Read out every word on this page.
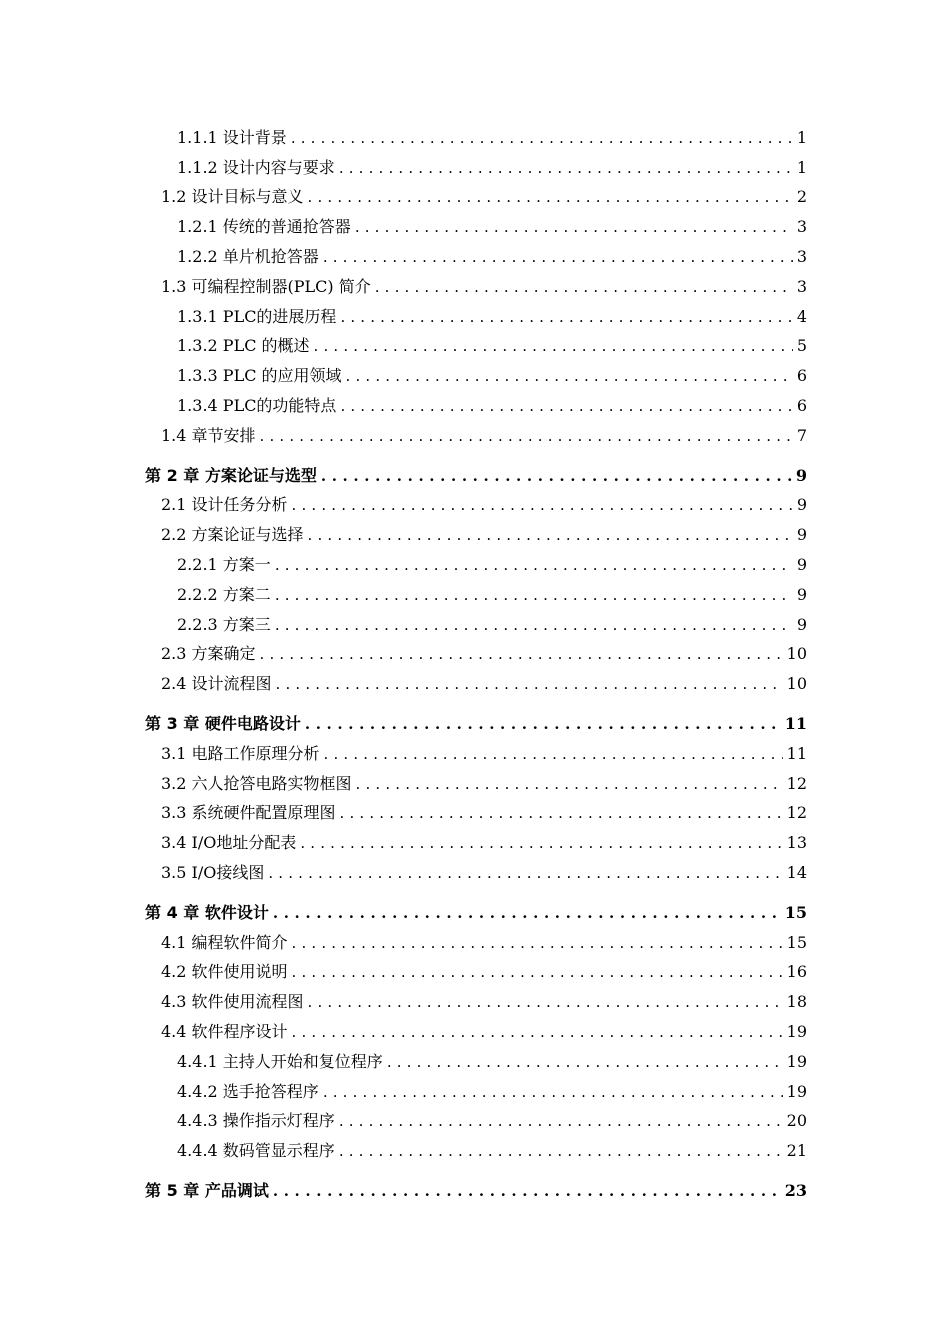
1.1.1 设计背景 . . .	1
1.1.2 设计内容与要求 . . .	1
1.2 设计目标与意义 . . .	2
1.2.1 传统的普通抢答器 . . .	3
1.2.2 单片机抢答器 . . .	3
1.3 可编程控制器(PLC) 简介 . . .	3
1.3.1 PLC的进展历程 . . .	4
1.3.2 PLC 的概述 . . .	5
1.3.3 PLC 的应用领域 . . .	6
1.3.4 PLC的功能特点 . . .	6
1.4 章节安排 . . .	7
第 2 章 方案论证与选型 . . .	9
2.1 设计任务分析 . . .	9
2.2 方案论证与选择 . . .	9
2.2.1 方案一 . . .	9
2.2.2 方案二 . . .	9
2.2.3 方案三 . . .	9
2.3 方案确定 . . .	10
2.4 设计流程图 . . .	10
第 3 章 硬件电路设计 . . .	11
3.1 电路工作原理分析 . . .	11
3.2 六人抢答电路实物框图 . . .	12
3.3 系统硬件配置原理图 . . .	12
3.4 I/O地址分配表 . . .	13
3.5 I/O接线图 . . .	14
第 4 章 软件设计 . . .	15
4.1 编程软件简介 . . .	15
4.2 软件使用说明 . . .	16
4.3 软件使用流程图 . . .	18
4.4 软件程序设计 . . .	19
4.4.1 主持人开始和复位程序 . . .	19
4.4.2 选手抢答程序 . . .	19
4.4.3 操作指示灯程序 . . .	20
4.4.4 数码管显示程序 . . .	21
第 5 章 产品调试 . . .	23
